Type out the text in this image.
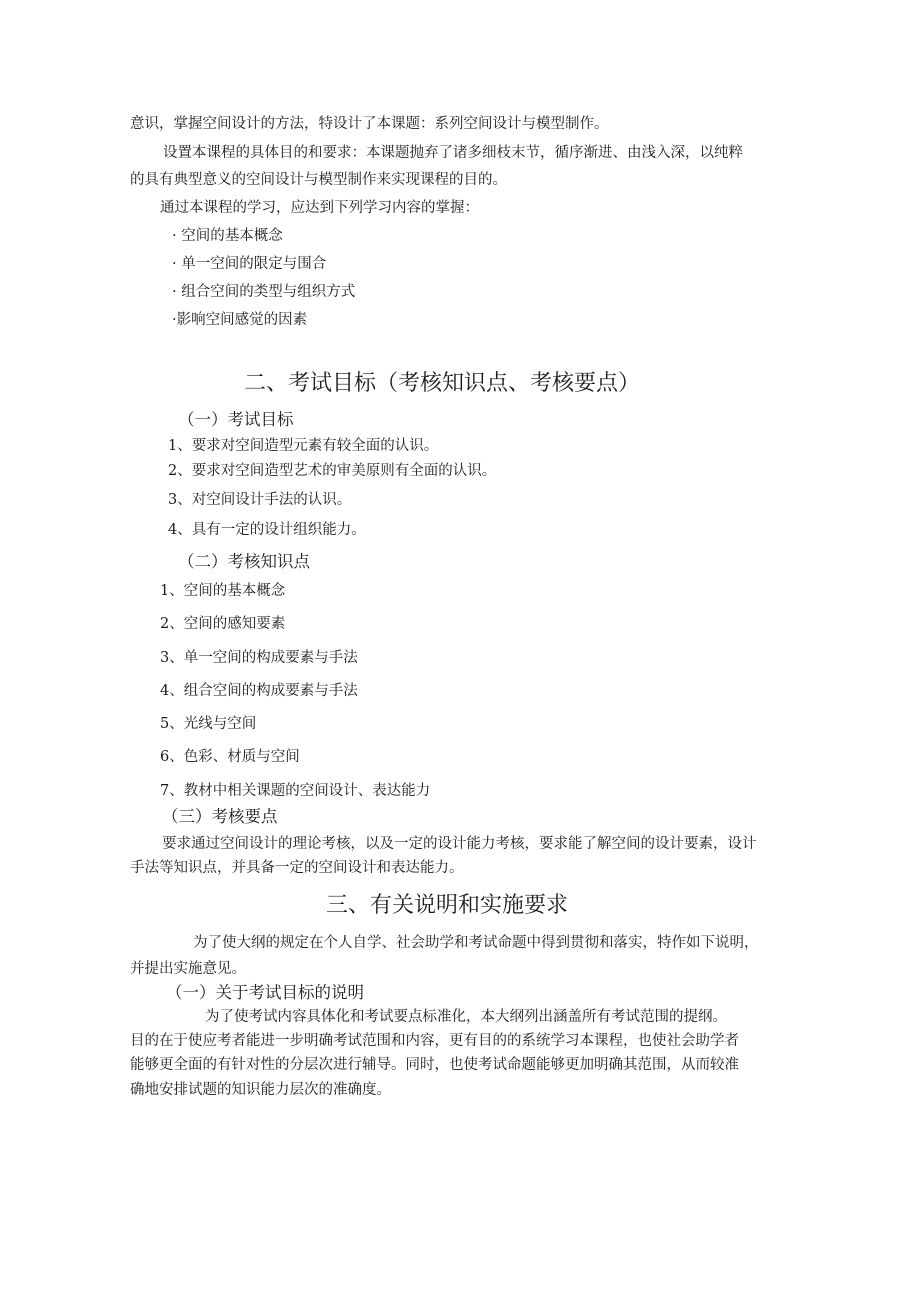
意识，掌握空间设计的方法，特设计了本课题：系列空间设计与模型制作。
设置本课程的具体目的和要求：本课题抛弃了诸多细枝末节，循序渐进、由浅入深，以纯粹
的具有典型意义的空间设计与模型制作来实现课程的目的。
通过本课程的学习，应达到下列学习内容的掌握：
· 空间的基本概念
· 单一空间的限定与围合
· 组合空间的类型与组织方式
·影响空间感觉的因素
二、考试目标（考核知识点、考核要点）
（一）考试目标
1、要求对空间造型元素有较全面的认识。
2、要求对空间造型艺术的审美原则有全面的认识。
3、对空间设计手法的认识。
4、具有一定的设计组织能力。
（二）考核知识点
1、空间的基本概念
2、空间的感知要素
3、单一空间的构成要素与手法
4、组合空间的构成要素与手法
5、光线与空间
6、色彩、材质与空间
7、教材中相关课题的空间设计、表达能力
（三）考核要点
要求通过空间设计的理论考核，以及一定的设计能力考核，要求能了解空间的设计要素，设计
手法等知识点，并具备一定的空间设计和表达能力。
三、有关说明和实施要求
为了使大纲的规定在个人自学、社会助学和考试命题中得到贯彻和落实，特作如下说明，
并提出实施意见。
（一）关于考试目标的说明
为了使考试内容具体化和考试要点标准化，本大纲列出涵盖所有考试范围的提纲。
目的在于使应考者能进一步明确考试范围和内容，更有目的的系统学习本课程，也使社会助学者
能够更全面的有针对性的分层次进行辅导。同时，也使考试命题能够更加明确其范围，从而较准
确地安排试题的知识能力层次的准确度。
